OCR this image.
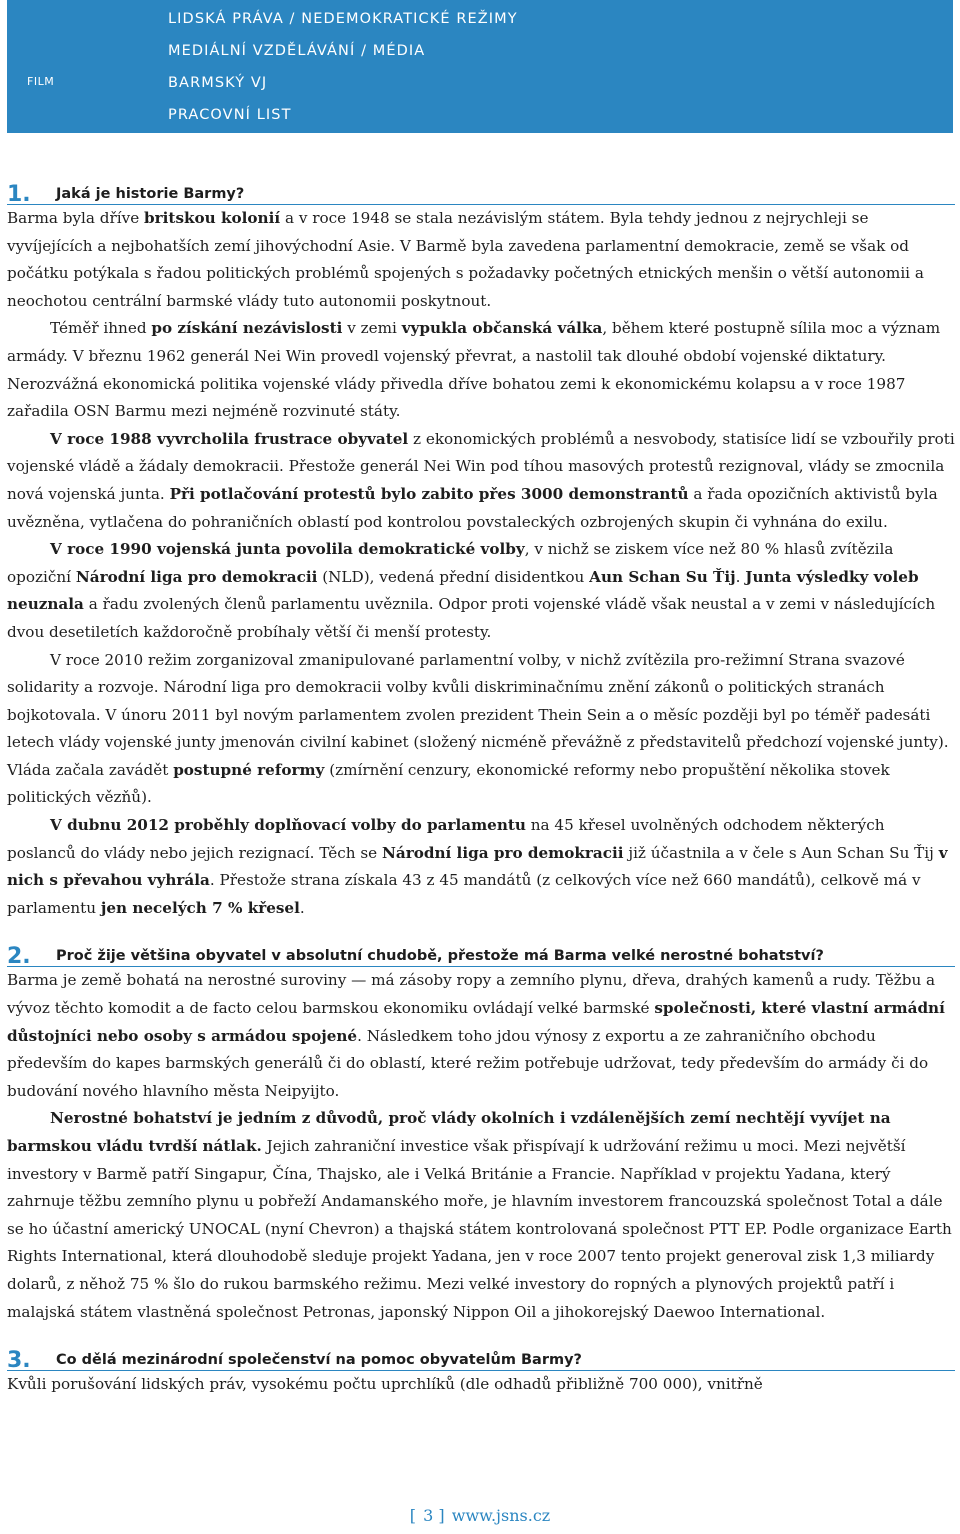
FILM
LIDSKÁ PRÁVA / NEDEMOKRATICKÉ REŽIMY
MEDIÁLNÍ VZDĚLÁVÁNÍ / MÉDIA
BARMSKÝ VJ
PRACOVNÍ LIST
1. Jaká je historie Barmy?

Barma byla dříve britskou kolonií a v roce 1948 se stala nezávislým státem. Byla tehdy jednou z nejrychleji se vyvíjejících a nejbohatších zemí jihovýchodní Asie. V Barmě byla zavedena parlamentní demokracie, země se však od počátku potýkala s řadou politických problémů spojených s požadavky početných etnických menšin o větší autonomii a neochotou centrální barmské vlády tuto autonomii poskytnout.

Téměř ihned po získání nezávislosti v zemi vypukla občanská válka, během které postupně sílila moc a význam armády. V březnu 1962 generál Nei Win provedl vojenský převrat, a nastolil tak dlouhé období vojenské diktatury. Nerozvážná ekonomická politika vojenské vlády přivedla dříve bohatou zemi k ekonomickému kolapsu a v roce 1987 zařadila OSN Barmu mezi nejméně rozvinuté státy.

V roce 1988 vyvrcholila frustrace obyvatel z ekonomických problémů a nesvobody, statisíce lidí se vzbouřily proti vojenské vládě a žádaly demokracii. Přestože generál Nei Win pod tíhou masových protestů rezignoval, vlády se zmocnila nová vojenská junta. Při potlačování protestů bylo zabito přes 3000 demonstrantů a řada opozičních aktivistů byla uvězněna, vytlačena do pohraničních oblastí pod kontrolou povstaleckých ozbrojených skupin či vyhnána do exilu.

V roce 1990 vojenská junta povolila demokratické volby, v nichž se ziskem více než 80 % hlasů zvítězila opoziční Národní liga pro demokracii (NLD), vedená přední disidentkou Aun Schan Su Ťij. Junta výsledky voleb neuznala a řadu zvolených členů parlamentu uvěznila. Odpor proti vojenské vládě však neustal a v zemi v následujících dvou desetiletích každoročně probíhaly větší či menší protesty.

V roce 2010 režim zorganizoval zmanipulované parlamentní volby, v nichž zvítězila pro-režimní Strana svazové solidarity a rozvoje. Národní liga pro demokracii volby kvůli diskriminačnímu znění zákonů o politických stranách bojkotovala. V únoru 2011 byl novým parlamentem zvolen prezident Thein Sein a o měsíc později byl po téměř padesáti letech vlády vojenské junty jmenován civilní kabinet (složený nicméně převážně z představitelů předchozí vojenské junty). Vláda začala zavádět postupné reformy (zmírnění cenzury, ekonomické reformy nebo propuštění několika stovek politických vězňů).

V dubnu 2012 proběhly doplňovací volby do parlamentu na 45 křesel uvolněných odchodem některých poslanců do vlády nebo jejich rezignací. Těch se Národní liga pro demokracii již účastnila a v čele s Aun Schan Su Ťij v nich s převahou vyhrála. Přestože strana získala 43 z 45 mandátů (z celkových více než 660 mandátů), celkově má v parlamentu jen necelých 7 % křesel.

2. Proč žije většina obyvatel v absolutní chudobě, přestože má Barma velké nerostné bohatství?

Barma je země bohatá na nerostné suroviny — má zásoby ropy a zemního plynu, dřeva, drahých kamenů a rudy. Těžbu a vývoz těchto komodit a de facto celou barmskou ekonomiku ovládají velké barmské společnosti, které vlastní armádní důstojníci nebo osoby s armádou spojené. Následkem toho jdou výnosy z exportu a ze zahraničního obchodu především do kapes barmských generálů či do oblastí, které režim potřebuje udržovat, tedy především do armády či do budování nového hlavního města Neipyijto.

Nerostné bohatství je jedním z důvodů, proč vlády okolních i vzdálenějších zemí nechtějí vyvíjet na barmskou vládu tvrdší nátlak. Jejich zahraniční investice však přispívají k udržování režimu u moci. Mezi největší investory v Barmě patří Singapur, Čína, Thajsko, ale i Velká Británie a Francie. Například v projektu Yadana, který zahrnuje těžbu zemního plynu u pobřeží Andamanského moře, je hlavním investorem francouzská společnost Total a dále se ho účastní americký UNOCAL (nyní Chevron) a thajská státem kontrolovaná společnost PTT EP. Podle organizace Earth Rights International, která dlouhodobě sleduje projekt Yadana, jen v roce 2007 tento projekt generoval zisk 1,3 miliardy dolarů, z něhož 75 % šlo do rukou barmského režimu. Mezi velké investory do ropných a plynových projektů patří i malajská státem vlastněná společnost Petronas, japonský Nippon Oil a jihokorejský Daewoo International.

3. Co dělá mezinárodní společenství na pomoc obyvatelům Barmy?

Kvůli porušování lidských práv, vysokému počtu uprchlíků (dle odhadů přibližně 700 000), vnitřně

[ 3 ] www.jsns.cz
